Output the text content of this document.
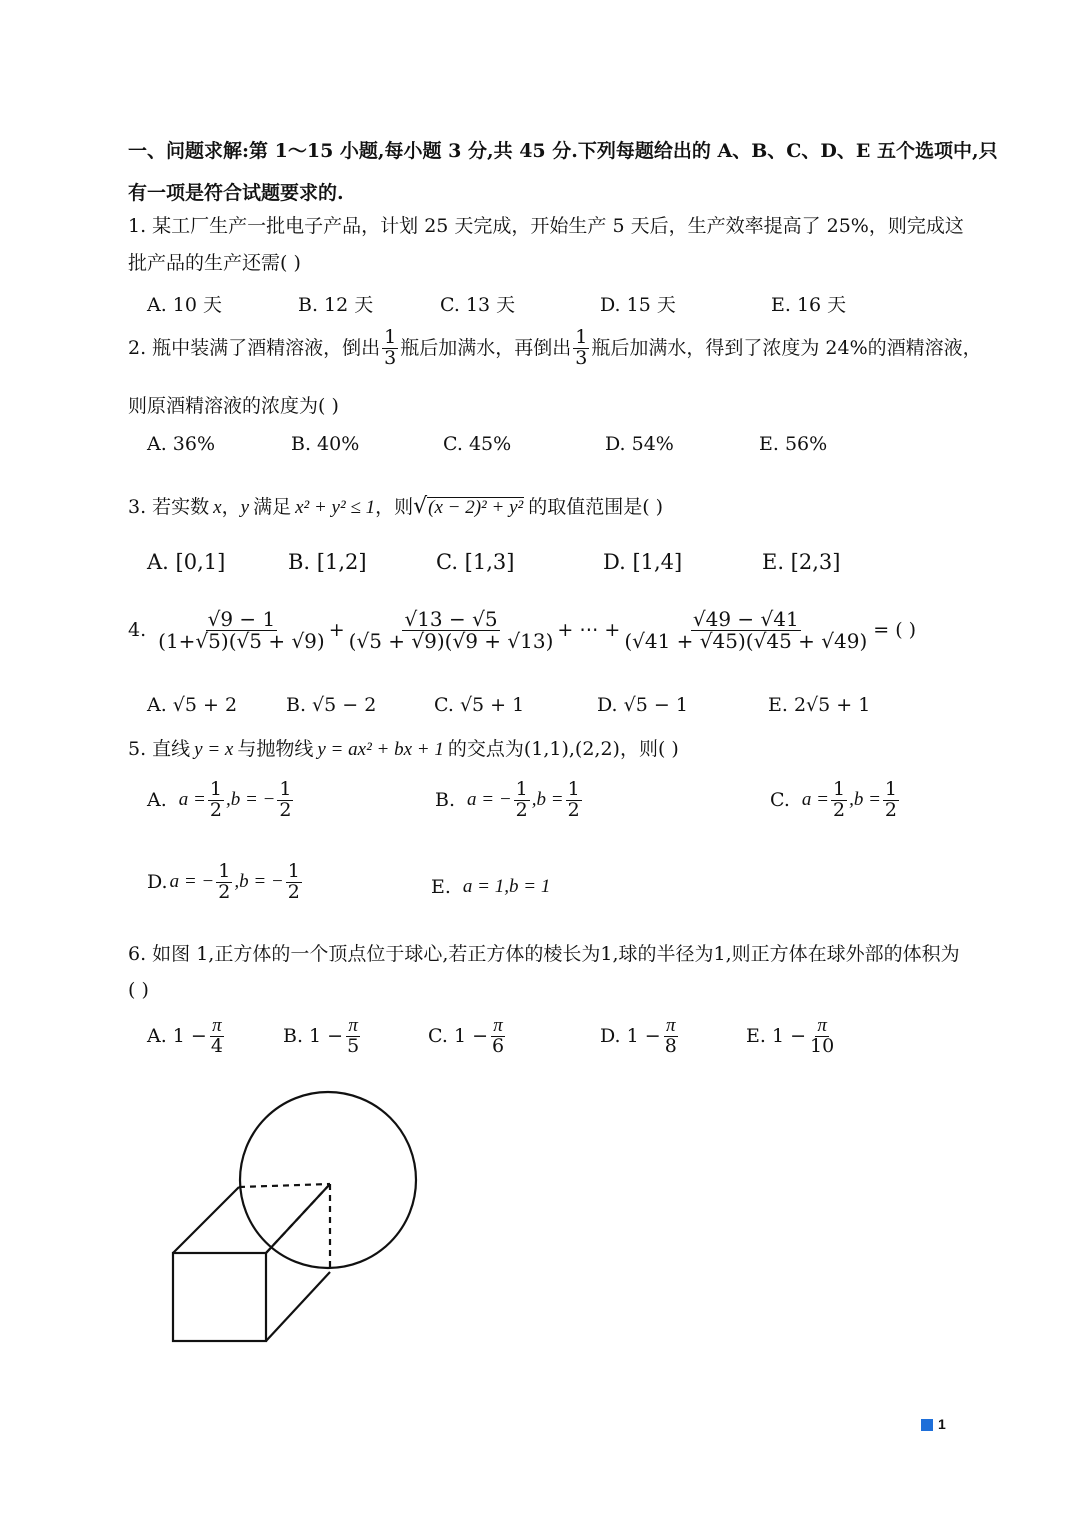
一、问题求解:第 1～15 小题,每小题 3 分,共 45 分.下列每题给出的 A、B、C、D、E 五个选项中,只
有一项是符合试题要求的.
1. 某工厂生产一批电子产品，计划 25 天完成，开始生产 5 天后，生产效率提高了 25%，则完成这
批产品的生产还需( )
A. 10 天	B. 12 天	C. 13 天	D. 15 天	E. 16 天
2. 瓶中装满了酒精溶液，倒出 $\frac{1}{3}$ 瓶后加满水，再倒出 $\frac{1}{3}$ 瓶后加满水，得到了浓度为 24%的酒精溶液，
则原酒精溶液的浓度为( )
A. 36%	B. 40%	C. 45%	D. 54%	E. 56%
3. 若实数 x ， y 满足 x² + y² ≤ 1 ，则 √ (x − 2)² + y² 的取值范围是( )
A. [0,1]	B. [1,2]	C. [1,3]	D. [1,4]	E. [2,3]
4. $\frac{√9 - 1}{(1+√5)(√5 + √9)} + \frac{√13 - √5}{(√5 + √9)(√9 + √13)}$ + ⋯ + $\frac{√49 - √41}{(√41 + √45)(√45 + √49)}$ = ( )
A. √5 + 2	B. √5 − 2	C. √5 + 1	D. √5 − 1	E. 2√5 + 1
5. 直线 y = x 与抛物线 y = ax² + bx + 1 的交点为(1,1),(2,2)，则( )
A. $a = \frac{1}{2} ,b$ = − $\frac{1}{2}$	B. a = − $\frac{1}{2} ,b = \frac{1}{2}$	C. $a = \frac{1}{2} ,b = \frac{1}{2}$
D. a = − $\frac{1}{2} ,b$ = − $\frac{1}{2}$	E. a = 1,b = 1
6. 如图 1,正方体的一个顶点位于球心,若正方体的棱长为1,球的半径为1,则正方体在球外部的体积为
( )
A. $1 - \frac{\pi}{4}$	B. $1 - \frac{\pi}{5}$	C. $1 - \frac{\pi}{6}$	D. $1 - \frac{\pi}{8}$	E. $1 - \frac{\pi}{10}$
1
